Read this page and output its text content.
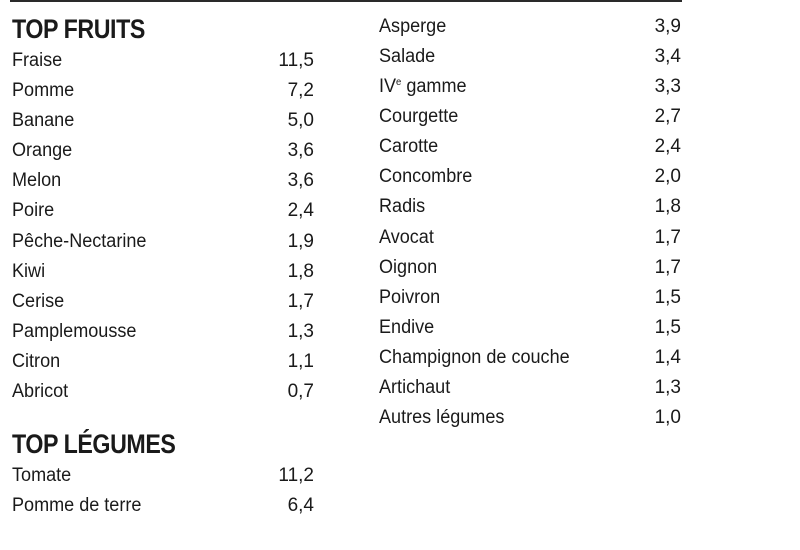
TOP FRUITS
Fraise	11,5
Pomme	7,2
Banane	5,0
Orange	3,6
Melon	3,6
Poire	2,4
Pêche-Nectarine	1,9
Kiwi	1,8
Cerise	1,7
Pamplemousse	1,3
Citron	1,1
Abricot	0,7
TOP LÉGUMES
Tomate	11,2
Pomme de terre	6,4
Asperge	3,9
Salade	3,4
IVe gamme	3,3
Courgette	2,7
Carotte	2,4
Concombre	2,0
Radis	1,8
Avocat	1,7
Oignon	1,7
Poivron	1,5
Endive	1,5
Champignon de couche	1,4
Artichaut	1,3
Autres légumes	1,0
